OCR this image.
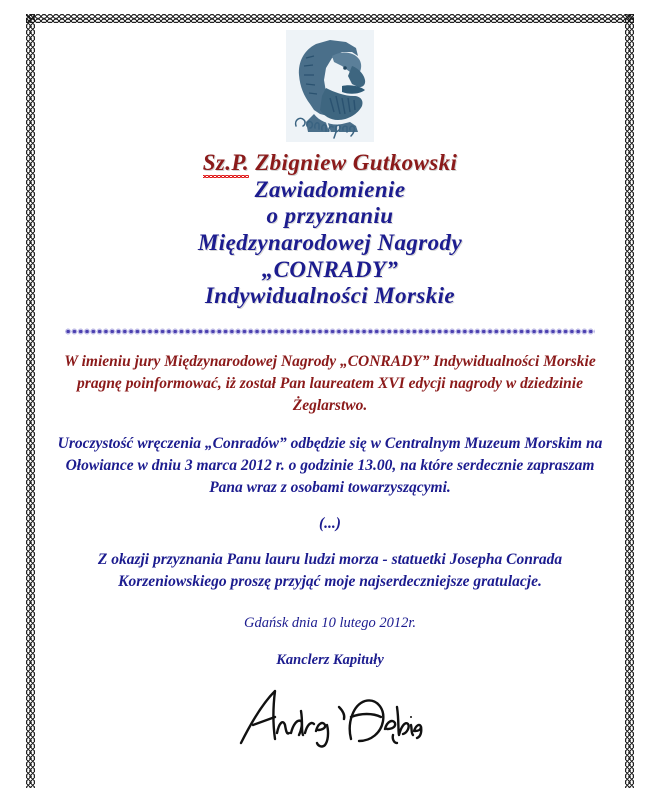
Sz.P. Zbigniew Gutkowski
Zawiadomienie
o przyznaniu
Międzynarodowej Nagrody
„CONRADY”
Indywidualności Morskie

W imieniu jury Międzynarodowej Nagrody „CONRADY” Indywidualności Morskie pragnę poinformować, iż został Pan laureatem XVI edycji nagrody w dziedzinie Żeglarstwo.

Uroczystość wręczenia „Conradów” odbędzie się w Centralnym Muzeum Morskim na Ołowiance w dniu 3 marca 2012 r. o godzinie 13.00, na które serdecznie zapraszam Pana wraz z osobami towarzyszącymi.

(...)

Z okazji przyznania Panu lauru ludzi morza - statuetki Josepha Conrada Korzeniowskiego proszę przyjąć moje najserdeczniejsze gratulacje.

Gdańsk dnia 10 lutego 2012r.

Kanclerz Kapituły
